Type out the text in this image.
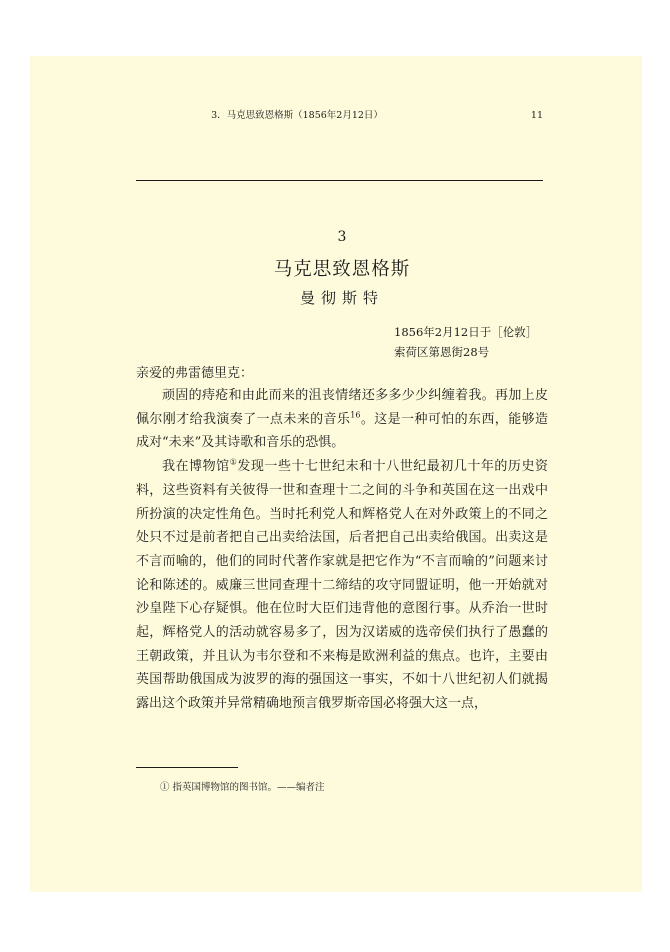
3．马克思致恩格斯（1856年2月12日）	11
3
马克思致恩格斯
曼彻斯特
1856年2月12日于［伦敦］
索荷区第恩街28号
亲爱的弗雷德里克：

顽固的痔疮和由此而来的沮丧情绪还多多少少纠缠着我。再加上皮佩尔刚才给我演奏了一点未来的音乐$^{16}$。这是一种可怕的东西，能够造成对“未来”及其诗歌和音乐的恐惧。

我在博物馆①发现一些十七世纪末和十八世纪最初几十年的历史资料，这些资料有关彼得一世和查理十二之间的斗争和英国在这一出戏中所扮演的决定性角色。当时托利党人和辉格党人在对外政策上的不同之处只不过是前者把自己出卖给法国，后者把自己出卖给俄国。出卖这是不言而喻的，他们的同时代著作家就是把它作为“不言而喻的”问题来讨论和陈述的。威廉三世同查理十二缔结的攻守同盟证明，他一开始就对沙皇陛下心存疑惧。他在位时大臣们违背他的意图行事。从乔治一世时起，辉格党人的活动就容易多了，因为汉诺威的选帝侯们执行了愚蠢的王朝政策，并且认为韦尔登和不来梅是欧洲利益的焦点。也许，主要由英国帮助俄国成为波罗的海的强国这一事实，不如十八世纪初人们就揭露出这个政策并异常精确地预言俄罗斯帝国必将强大这一点，

① 指英国博物馆的图书馆。——编者注
